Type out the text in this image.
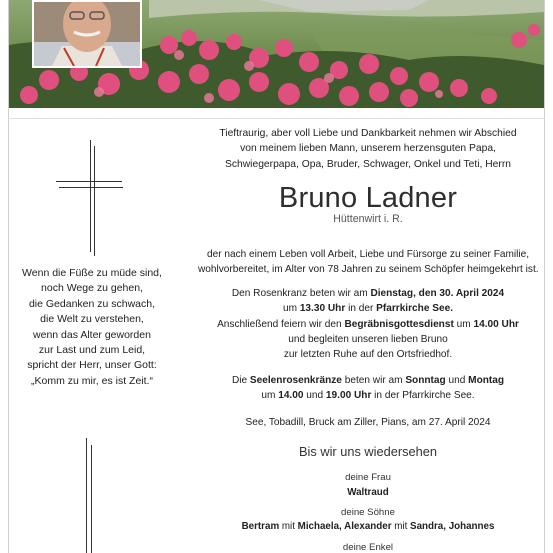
Wenn die Füße zu müde sind,
noch Wege zu gehen,
die Gedanken zu schwach,
die Welt zu verstehen,
wenn das Alter geworden
zur Last und zum Leid,
spricht der Herr, unser Gott:
„Komm zu mir, es ist Zeit.“
Tieftraurig, aber voll Liebe und Dankbarkeit nehmen wir Abschied
von meinem lieben Mann, unserem herzensguten Papa,
Schwiegerpapa, Opa, Bruder, Schwager, Onkel und Teti, Herrn
Bruno Ladner
Hüttenwirt i. R.
der nach einem Leben voll Arbeit, Liebe und Fürsorge zu seiner Familie,
wohlvorbereitet, im Alter von 78 Jahren zu seinem Schöpfer heimgekehrt ist.
Den Rosenkranz beten wir am Dienstag, den 30. April 2024
um 13.30 Uhr in der Pfarrkirche See.
Anschließend feiern wir den Begräbnisgottesdienst um 14.00 Uhr
und begleiten unseren lieben Bruno
zur letzten Ruhe auf den Ortsfriedhof.
Die Seelenrosenkränze beten wir am Sonntag und Montag
um 14.00 und 19.00 Uhr in der Pfarrkirche See.
See, Tobadill, Bruck am Ziller, Pians, am 27. April 2024
Bis wir uns wiedersehen
deine Frau
Waltraud
deine Söhne
Bertram mit Michaela, Alexander mit Sandra, Johannes
deine Enkel
